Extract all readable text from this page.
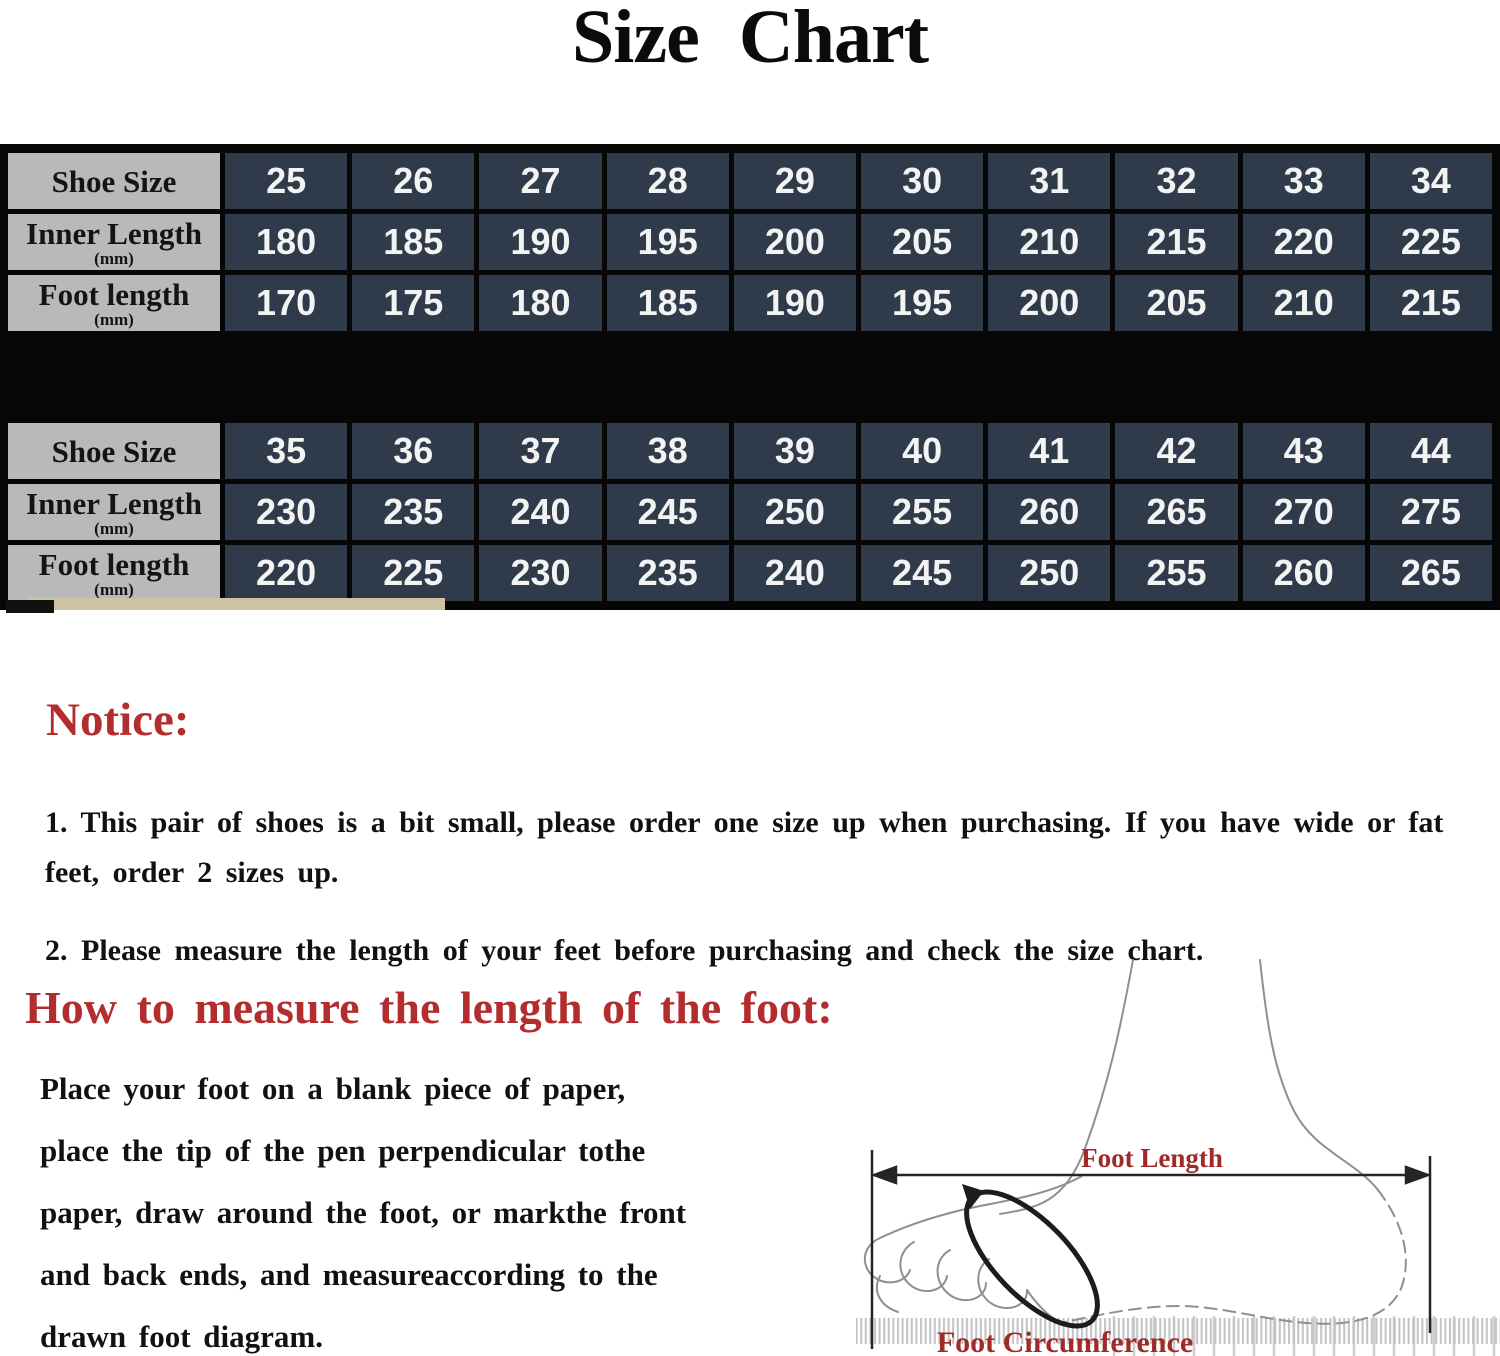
Size Chart
Shoe Size	25	26	27	28	29	30	31	32	33	34
Inner Length
(mm)	180	185	190	195	200	205	210	215	220	225
Foot length
(mm)	170	175	180	185	190	195	200	205	210	215
Shoe Size	35	36	37	38	39	40	41	42	43	44
Inner Length
(mm)	230	235	240	245	250	255	260	265	270	275
Foot length
(mm)	220	225	230	235	240	245	250	255	260	265
Notice:

1. This pair of shoes is a bit small, please order one size up when purchasing. If you have wide or fat feet, order 2 sizes up.

2. Please measure the length of your feet before purchasing and check the size chart.

How to measure the length of the foot:
Place your foot on a blank piece of paper,
place the tip of the pen perpendicular tothe
paper, draw around the foot, or markthe front
and back ends, and measureaccording to the
drawn foot diagram.
Foot Length
Foot Circumference
